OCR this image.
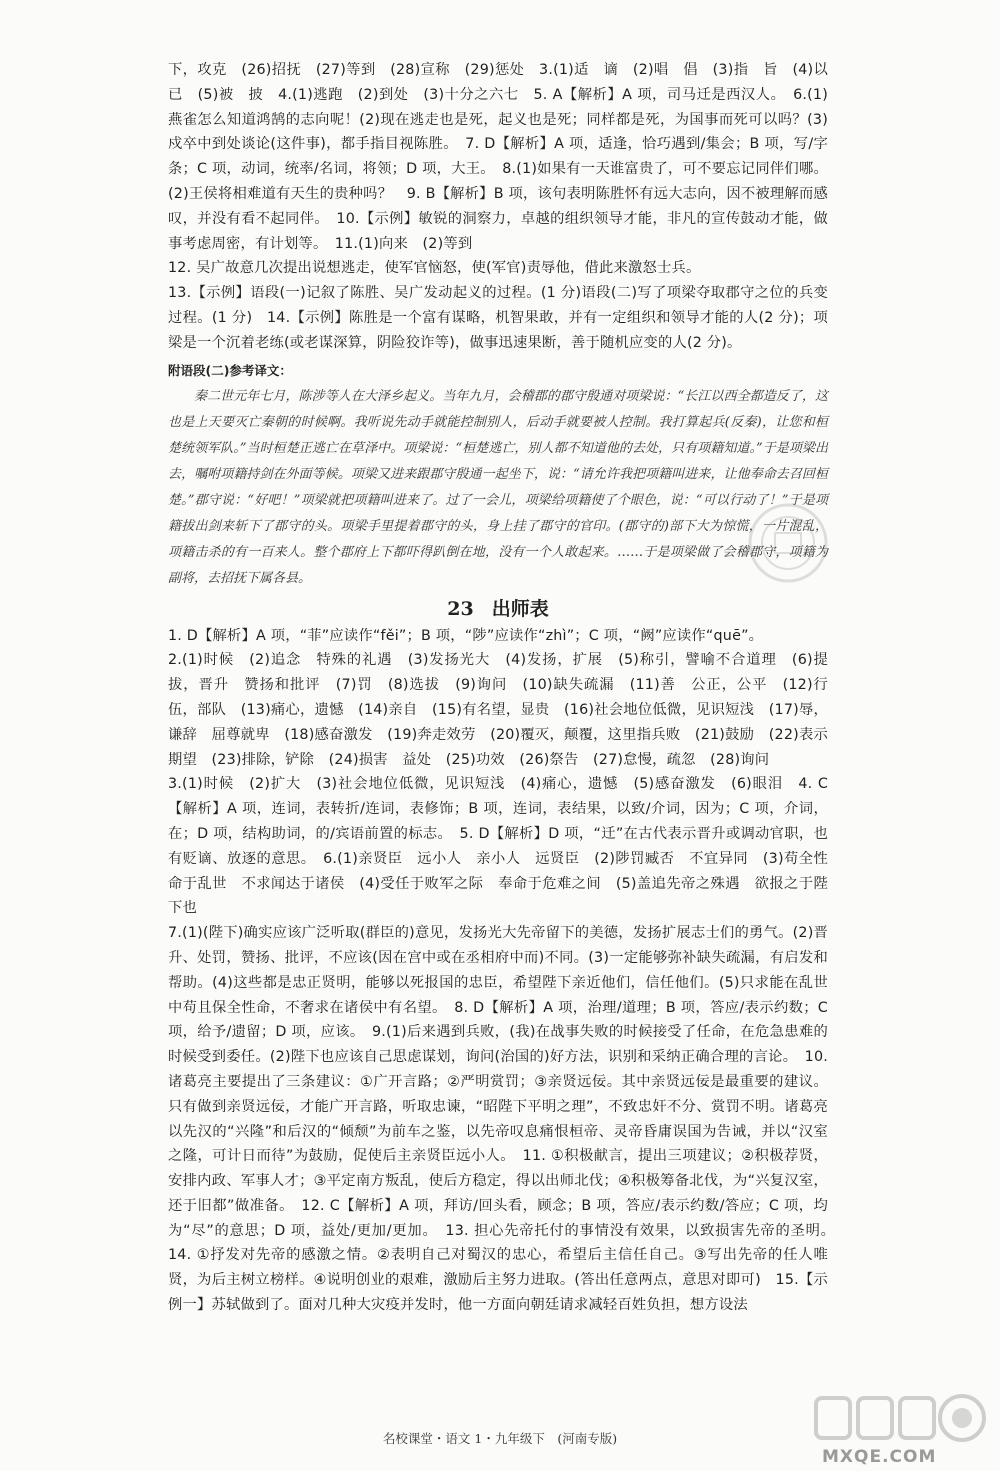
下，攻克　(26)招抚　(27)等到　(28)宣称　(29)惩处　3.(1)适　谪　(2)唱　倡　(3)指　旨　(4)以　已　(5)被　披　4.(1)逃跑　(2)到处　(3)十分之六七　5. A【解析】A 项，司马迁是西汉人。　6.(1)燕雀怎么知道鸿鹄的志向呢！(2)现在逃走也是死，起义也是死；同样都是死，为国事而死可以吗？(3)戍卒中到处谈论(这件事)，都手指目视陈胜。　7. D【解析】A 项，适逢，恰巧遇到/集会；B 项，写/字条；C 项，动词，统率/名词，将领；D 项，大王。　8.(1)如果有一天谁富贵了，可不要忘记同伴们哪。(2)王侯将相难道有天生的贵种吗？　9. B【解析】B 项，该句表明陈胜怀有远大志向，因不被理解而感叹，并没有看不起同伴。　10.【示例】敏锐的洞察力，卓越的组织领导才能，非凡的宣传鼓动才能，做事考虑周密，有计划等。　11.(1)向来　(2)等到

12. 吴广故意几次提出说想逃走，使军官恼怒，使(军官)责辱他，借此来激怒士兵。

13.【示例】语段(一)记叙了陈胜、吴广发动起义的过程。(1 分)语段(二)写了项梁夺取郡守之位的兵变过程。(1 分)　14.【示例】陈胜是一个富有谋略，机智果敢，并有一定组织和领导才能的人(2 分)；项梁是一个沉着老练(或老谋深算，阴险狡诈等)，做事迅速果断，善于随机应变的人(2 分)。

附语段(二)参考译文：

秦二世元年七月，陈涉等人在大泽乡起义。当年九月，会稽郡的郡守殷通对项梁说：“长江以西全都造反了，这也是上天要灭亡秦朝的时候啊。我听说先动手就能控制别人，后动手就要被人控制。我打算起兵(反秦)，让您和桓楚统领军队。”当时桓楚正逃亡在草泽中。项梁说：“桓楚逃亡，别人都不知道他的去处，只有项籍知道。”于是项梁出去，嘱咐项籍持剑在外面等候。项梁又进来跟郡守殷通一起坐下，说：“请允许我把项籍叫进来，让他奉命去召回桓楚。”郡守说：“好吧！”项梁就把项籍叫进来了。过了一会儿，项梁给项籍使了个眼色，说：“可以行动了！”于是项籍拔出剑来斩下了郡守的头。项梁手里提着郡守的头，身上挂了郡守的官印。(郡守的)部下大为惊慌，一片混乱，项籍击杀的有一百来人。整个郡府上下都吓得趴倒在地，没有一个人敢起来。……于是项梁做了会稽郡守，项籍为副将，去招抚下属各县。

23 出师表

1. D【解析】A 项，“菲”应读作“fěi”；B 项，“陟”应读作“zhì”；C 项，“阙”应读作“quē”。

2.(1)时候　(2)追念　特殊的礼遇　(3)发扬光大　(4)发扬，扩展　(5)称引，譬喻不合道理　(6)提拔，晋升　赞扬和批评　(7)罚　(8)选拔　(9)询问　(10)缺失疏漏　(11)善　公正，公平　(12)行伍，部队　(13)痛心，遗憾　(14)亲自　(15)有名望，显贵　(16)社会地位低微，见识短浅　(17)辱，谦辞　屈尊就卑　(18)感奋激发　(19)奔走效劳　(20)覆灭，颠覆，这里指兵败　(21)鼓励　(22)表示期望　(23)排除，铲除　(24)损害　益处　(25)功效　(26)祭告　(27)怠慢，疏忽　(28)询问

3.(1)时候　(2)扩大　(3)社会地位低微，见识短浅　(4)痛心，遗憾　(5)感奋激发　(6)眼泪　4. C【解析】A 项，连词，表转折/连词，表修饰；B 项，连词，表结果，以致/介词，因为；C 项，介词，在；D 项，结构助词，的/宾语前置的标志。　5. D【解析】D 项，“迁”在古代表示晋升或调动官职，也有贬谪、放逐的意思。　6.(1)亲贤臣　远小人　亲小人　远贤臣　(2)陟罚臧否　不宜异同　(3)苟全性命于乱世　不求闻达于诸侯　(4)受任于败军之际　奉命于危难之间　(5)盖追先帝之殊遇　欲报之于陛下也

7.(1)(陛下)确实应该广泛听取(群臣的)意见，发扬光大先帝留下的美德，发扬扩展志士们的勇气。(2)晋升、处罚，赞扬、批评，不应该(因在宫中或在丞相府中而)不同。(3)一定能够弥补缺失疏漏，有启发和帮助。(4)这些都是忠正贤明，能够以死报国的忠臣，希望陛下亲近他们，信任他们。(5)只求能在乱世中苟且保全性命，不奢求在诸侯中有名望。　8. D【解析】A 项，治理/道理；B 项，答应/表示约数；C 项，给予/遗留；D 项，应该。　9.(1)后来遇到兵败，(我)在战事失败的时候接受了任命，在危急患难的时候受到委任。(2)陛下也应该自己思虑谋划，询问(治国的)好方法，识别和采纳正确合理的言论。　10. 诸葛亮主要提出了三条建议：①广开言路；②严明赏罚；③亲贤远佞。其中亲贤远佞是最重要的建议。只有做到亲贤远佞，才能广开言路，听取忠谏，“昭陛下平明之理”，不致忠奸不分、赏罚不明。诸葛亮以先汉的“兴隆”和后汉的“倾颓”为前车之鉴，以先帝叹息痛恨桓帝、灵帝昏庸误国为告诫，并以“汉室之隆，可计日而待”为鼓励，促使后主亲贤臣远小人。　11. ①积极献言，提出三项建议；②积极荐贤，安排内政、军事人才；③平定南方叛乱，使后方稳定，得以出师北伐；④积极筹备北伐，为“兴复汉室，还于旧都”做准备。　12. C【解析】A 项，拜访/回头看，顾念；B 项，答应/表示约数/答应；C 项，均为“尽”的意思；D 项，益处/更加/更加。　13. 担心先帝托付的事情没有效果，以致损害先帝的圣明。　14. ①抒发对先帝的感激之情。②表明自己对蜀汉的忠心，希望后主信任自己。③写出先帝的任人唯贤，为后主树立榜样。④说明创业的艰难，激励后主努力进取。(答出任意两点，意思对即可)　15.【示例一】苏轼做到了。面对几种大灾疫并发时，他一方面向朝廷请求减轻百姓负担，想方设法

名校课堂・语文 1・九年级下　(河南专版)
MXQE.COM
